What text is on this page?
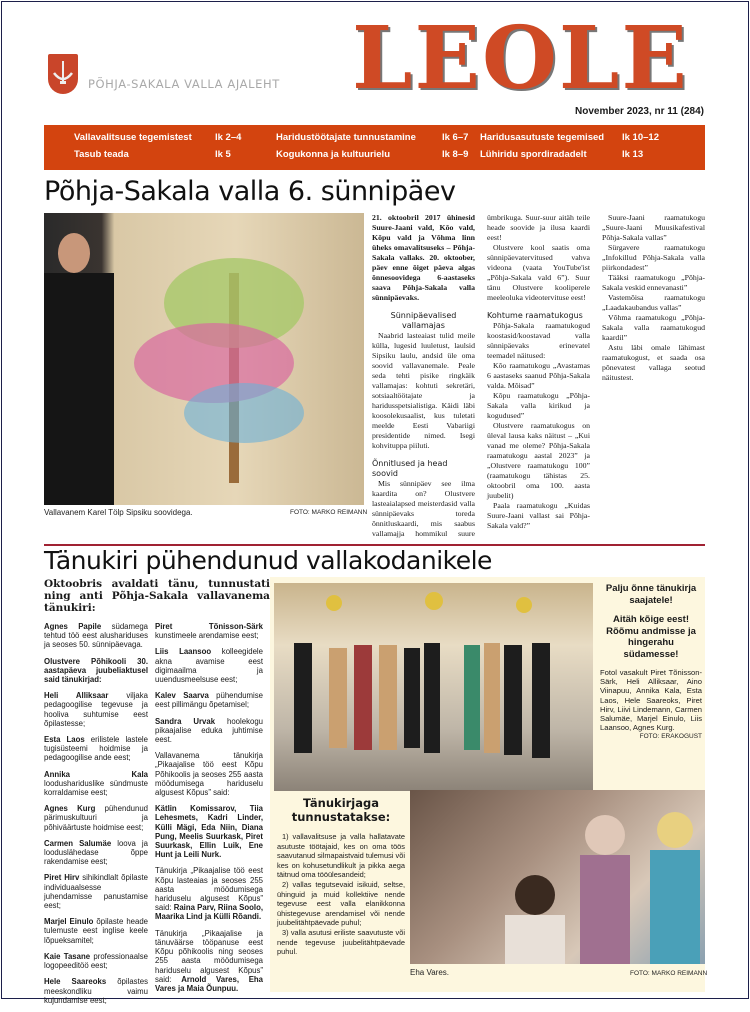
PÕHJA-SAKALA VALLA AJALEHT LEOLE
November 2023, nr 11 (284)
Vallavalitsuse tegemistest lk 2–4	Haridustöötajate tunnustamine	lk 6–7 Haridusasutuste tegemised lk 10–12
Tasub teada	lk 5	Kogukonna ja kultuurielu	lk 8–9 Lühiridu spordiradadelt	lk 13
Põhja-Sakala valla 6. sünnipäev
Vallavanem Karel Tölp Sipsiku soovidega.	FOTO: MARKO REIMANN

21. oktoobril 2017 ühinesid Suure-Jaani vald, Kõo vald, Kõpu vald ja Võhma linn üheks omavalitsuseks – Põhja-Sakala vallaks. 20. oktoober, päev enne õiget päeva algas õnnesoovidega 6-aastaseks saava Põhja-Sakala valla sünnipäevaks.

Sünnipäevalised vallamajas

Naabrid lasteaiast tulid meile külla, lugesid luuletust, laulsid Sipsiku laulu, andsid üle oma soovid vallavanemale. Peale seda tehti pisike ringkäik vallamajas: kohtuti sekretäri, sotsiaaltöötajate ja haridusspetsialistiga. Käidi läbi koosolekusaalist, kus tuletati meelde Eesti Vabariigi presidentide nimed. Isegi kohvituppa piiluti.

Õnnitlused ja head soovid

Mis sünnipäev see ilma kaardita on? Olustvere lasteaialapsed meisterdasid valla sünnipäevaks toreda õnnitluskaardi, mis saabus vallamajja hommikul suure ümbrikuga. Suur-suur aitäh teile heade soovide ja ilusa kaardi eest!

Olustvere kool saatis oma sünnipäevatervitused vahva videona (vaata YouTube'ist „Põhja-Sakala vald 6”). Suur tänu Olustvere kooliperele meeleoluka videotervituse eest!

Kohtume raamatukogus

Põhja-Sakala raamatukogud koostasid/koostavad valla sünnipäevaks erinevatel teemadel näitused:

Kõo raamatukogu „Avastamas 6 aastaseks saanud Põhja-Sakala valda. Mõisad”

Kõpu raamatukogu „Põhja-Sakala valla kirikud ja kogudused”

Olustvere raamatukogus on üleval lausa kaks näitust – „Kui vanad me oleme? Põhja-Sakala raamatukogu aastal 2023” ja „Olustvere raamatukogu 100” (raamatukogu tähistas 25. oktoobril oma 100. aasta juubelit)

Paala raamatukogu „Kuidas Suure-Jaani vallast sai Põhja-Sakala vald?”

Suure-Jaani raamatukogu „Suure-Jaani Muusikafestival Põhja-Sakala vallas”

Sürgavere raamatukogu „Infokillud Põhja-Sakala valla piirkondadest”

Tääksi raamatukogu „Põhja-Sakala veskid ennevanasti”

Vastemõisa raamatukogu „Laadakaubandus vallas”

Võhma raamatukogu „Põhja-Sakala valla raamatukogud kaardil”

Astu läbi omale lähimast raamatukogust, et saada osa põnevatest vallaga seotud näitustest.

Tänukiri pühendunud vallakodanikele
Oktoobris avaldati tänu, tunnustati ning anti Põhja-Sakala vallavanema tänukiri:

Agnes Papile südamega tehtud töö eest alushariduses ja seoses 50. sünnipäevaga.

Olustvere Põhikooli 30. aastapäeva juubeliaktusel said tänukirjad:

Heli Alliksaar viljaka pedagoogilise tegevuse ja hooliva suhtumise eest õpilastesse;

Esta Laos erilistele lastele tugisüsteemi hoidmise ja pedagoogilise ande eest;

Annika Kala loodushariduslike sündmuste korraldamise eest;

Agnes Kurg pühendunud pärimuskultuuri ja põhiväärtuste hoidmise eest;

Carmen Salumäe loova ja looduslähedase õppe rakendamise eest;

Piret Hirv sihikindlalt õpilaste individuaalsesse juhendamisse panustamise eest;

Marjel Einulo õpilaste heade tulemuste eest inglise keele lõpueksamitel;

Kaie Tasane professionaalse logopeeditöö eest;

Hele Saareoks õpilastes meeskondliku vaimu kujundamise eest;

Piret Tõnisson-Särk kunstimeele arendamise eest;

Liis Laansoo kolleegidele akna avamise eest digimaailma ja uuendusmeelsuse eest;

Kalev Saarva pühendumise eest pillimängu õpetamisel;

Sandra Urvak hoolekogu pikaajalise eduka juhtimise eest.

Vallavanema tänukirja „Pikaajalise töö eest Kõpu Põhikoolis ja seoses 255 aasta möödumisega hariduselu algusest Kõpus” said:

Kätlin Komissarov, Tiia Lehesmets, Kadri Linder, Külli Mägi, Eda Niin, Diana Pung, Meelis Suurkask, Piret Suurkask, Ellin Luik, Ene Hunt ja Leili Nurk.

Tänukirja „Pikaajalise töö eest Kõpu lasteaias ja seoses 255 aasta möödumisega hariduselu algusest Kõpus” said: Raina Parv, Riina Soolo, Maarika Lind ja Külli Rõandi.

Tänukirja „Pikaajalise ja tänuväärse tööpanuse eest Kõpu põhikoolis ning seoses 255 aasta möödumisega hariduselu algusest Kõpus” said: Arnold Vares, Eha Vares ja Maia Õunpuu.

Palju õnne tänukirja saajatele!
Aitäh kõige eest! Rõõmu andmisse ja hingerahu südamesse!
Fotol vasakult Piret Tõnisson-Särk, Heli Alliksaar, Aino Viinapuu, Annika Kala, Esta Laos, Hele Saareoks, Piret Hirv, Liivi Lindemann, Carmen Salumäe, Marjel Einulo, Liis Laansoo, Agnes Kurg.
FOTO: ERAKOGUST
Tänukirjaga tunnustatakse:

1) vallavalitsuse ja valla hallatavate asutuste töötajaid, kes on oma töös saavutanud silmapaistvaid tulemusi või kes on kohusetundlikult ja pikka aega täitnud oma tööülesandeid;

2) vallas tegutsevaid isikuid, seltse, ühinguid ja muid kollektiive nende tegevuse eest valla elanikkonna ühistegevuse arendamisel või nende juubelitähtpäevade puhul;

3) valla asutusi eriliste saavutuste või nende tegevuse juubelitähtpäevade puhul.

Eha Vares.	FOTO: MARKO REIMANN
